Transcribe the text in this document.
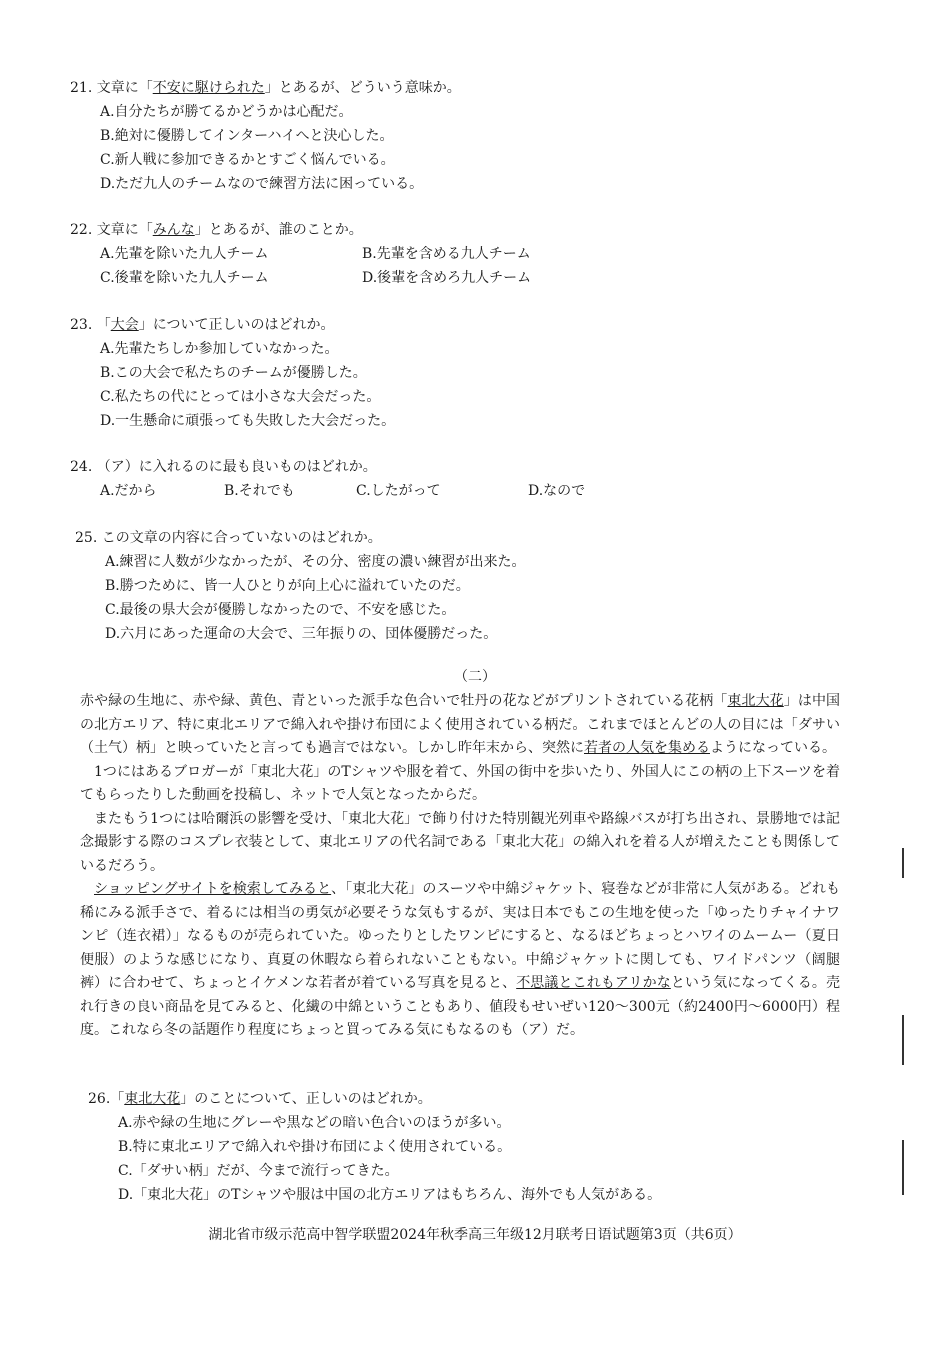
21. 文章に「不安に駆けられた」とあるが、どういう意味か。
A.自分たちが勝てるかどうかは心配だ。
B.絶対に優勝してインターハイへと決心した。
C.新人戦に参加できるかとすごく悩んでいる。
D.ただ九人のチームなので練習方法に困っている。
22. 文章に「みんな」とあるが、誰のことか。
A.先輩を除いた九人チーム	B.先輩を含める九人チーム
C.後輩を除いた九人チーム	D.後輩を含めろ九人チーム
23. 「大会」について正しいのはどれか。
A.先輩たちしか参加していなかった。
B.この大会で私たちのチームが優勝した。
C.私たちの代にとっては小さな大会だった。
D.一生懸命に頑張っても失敗した大会だった。
24. （ア）に入れるのに最も良いものはどれか。
A.だから	B.それでも	C.したがって	D.なので
25. この文章の内容に合っていないのはどれか。
A.練習に人数が少なかったが、その分、密度の濃い練習が出来た。
B.勝つために、皆一人ひとりが向上心に溢れていたのだ。
C.最後の県大会が優勝しなかったので、不安を感じた。
D.六月にあった運命の大会で、三年振りの、団体優勝だった。
（二）

赤や緑の生地に、赤や緑、黄色、青といった派手な色合いで牡丹の花などがプリントされている花柄「東北大花」は中国の北方エリア、特に東北エリアで綿入れや掛け布団によく使用されている柄だ。これまでほとんどの人の目には「ダサい（土气）柄」と映っていたと言っても過言ではない。しかし昨年末から、突然に若者の人気を集めるようになっている。

1つにはあるブロガーが「東北大花」のTシャツや服を着て、外国の街中を歩いたり、外国人にこの柄の上下スーツを着てもらったりした動画を投稿し、ネットで人気となったからだ。

またもう1つには哈爾浜の影響を受け、「東北大花」で飾り付けた特別観光列車や路線バスが打ち出され、景勝地では記念撮影する際のコスプレ衣装として、東北エリアの代名詞である「東北大花」の綿入れを着る人が増えたことも関係しているだろう。

ショッピングサイトを検索してみると、「東北大花」のスーツや中綿ジャケット、寝巻などが非常に人気がある。どれも稀にみる派手さで、着るには相当の勇気が必要そうな気もするが、実は日本でもこの生地を使った「ゆったりチャイナワンピ（连衣裙）」なるものが売られていた。ゆったりとしたワンピにすると、なるほどちょっとハワイのムームー（夏日便服）のような感じになり、真夏の休暇なら着られないこともない。中綿ジャケットに関しても、ワイドパンツ（阔腿裤）に合わせて、ちょっとイケメンな若者が着ている写真を見ると、不思議とこれもアリかなという気になってくる。売れ行きの良い商品を見てみると、化繊の中綿ということもあり、値段もせいぜい120～300元（約2400円～6000円）程度。これなら冬の話題作り程度にちょっと買ってみる気にもなるのも（ア）だ。

26.「東北大花」のことについて、正しいのはどれか。
A.赤や緑の生地にグレーや黒などの暗い色合いのほうが多い。
B.特に東北エリアで綿入れや掛け布団によく使用されている。
C.「ダサい柄」だが、今まで流行ってきた。
D.「東北大花」のTシャツや服は中国の北方エリアはもちろん、海外でも人気がある。
湖北省市级示范高中智学联盟2024年秋季高三年级12月联考日语试题第3页（共6页）
